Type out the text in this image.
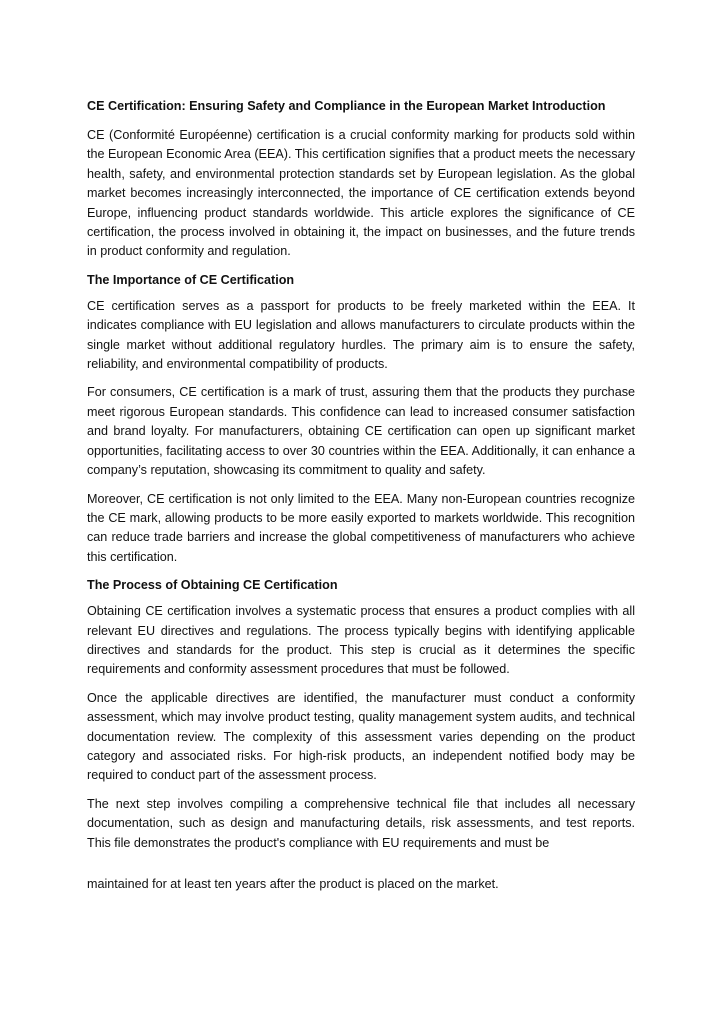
CE Certification: Ensuring Safety and Compliance in the European Market Introduction

CE (Conformité Européenne) certification is a crucial conformity marking for products sold within the European Economic Area (EEA). This certification signifies that a product meets the necessary health, safety, and environmental protection standards set by European legislation. As the global market becomes increasingly interconnected, the importance of CE certification extends beyond Europe, influencing product standards worldwide. This article explores the significance of CE certification, the process involved in obtaining it, the impact on businesses, and the future trends in product conformity and regulation.

The Importance of CE Certification

CE certification serves as a passport for products to be freely marketed within the EEA. It indicates compliance with EU legislation and allows manufacturers to circulate products within the single market without additional regulatory hurdles. The primary aim is to ensure the safety, reliability, and environmental compatibility of products.

For consumers, CE certification is a mark of trust, assuring them that the products they purchase meet rigorous European standards. This confidence can lead to increased consumer satisfaction and brand loyalty. For manufacturers, obtaining CE certification can open up significant market opportunities, facilitating access to over 30 countries within the EEA. Additionally, it can enhance a company’s reputation, showcasing its commitment to quality and safety.

Moreover, CE certification is not only limited to the EEA. Many non-European countries recognize the CE mark, allowing products to be more easily exported to markets worldwide. This recognition can reduce trade barriers and increase the global competitiveness of manufacturers who achieve this certification.

The Process of Obtaining CE Certification

Obtaining CE certification involves a systematic process that ensures a product complies with all relevant EU directives and regulations. The process typically begins with identifying applicable directives and standards for the product. This step is crucial as it determines the specific requirements and conformity assessment procedures that must be followed.

Once the applicable directives are identified, the manufacturer must conduct a conformity assessment, which may involve product testing, quality management system audits, and technical documentation review. The complexity of this assessment varies depending on the product category and associated risks. For high-risk products, an independent notified body may be required to conduct part of the assessment process.

The next step involves compiling a comprehensive technical file that includes all necessary documentation, such as design and manufacturing details, risk assessments, and test reports. This file demonstrates the product's compliance with EU requirements and must be

maintained for at least ten years after the product is placed on the market.
